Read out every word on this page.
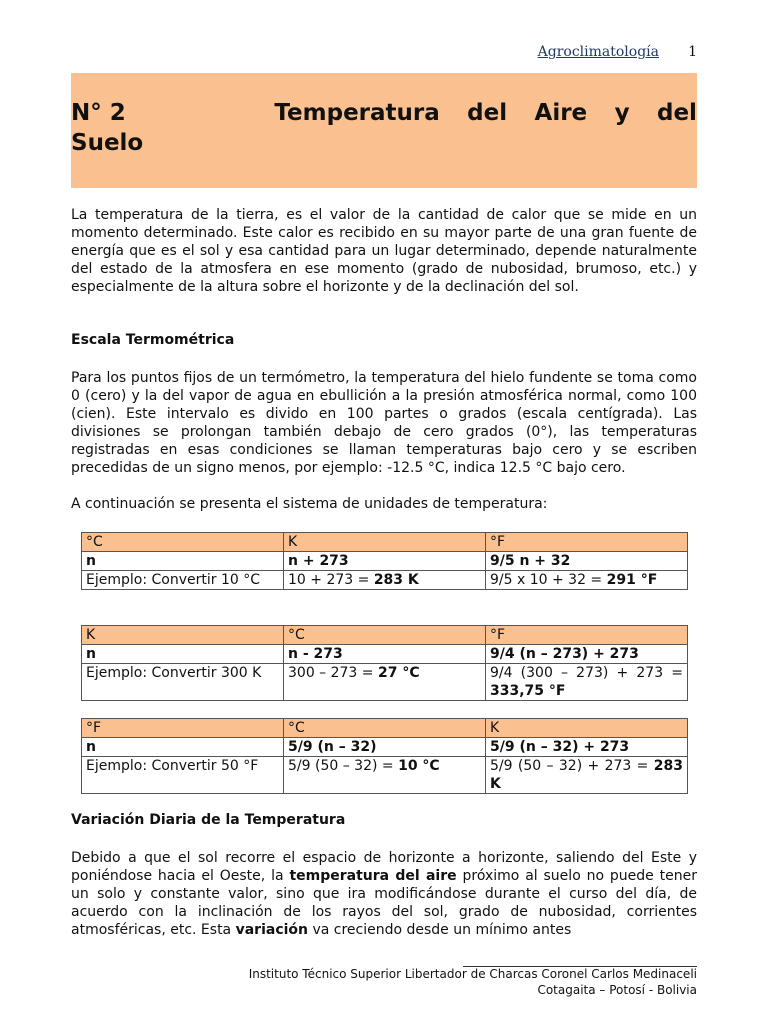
Agroclimatología 1
N° 2	Temperatura del Aire y del
Suelo

La temperatura de la tierra, es el valor de la cantidad de calor que se mide en un momento determinado. Este calor es recibido en su mayor parte de una gran fuente de energía que es el sol y esa cantidad para un lugar determinado, depende naturalmente del estado de la atmosfera en ese momento (grado de nubosidad, brumoso, etc.) y especialmente de la altura sobre el horizonte y de la declinación del sol.

Escala Termométrica

Para los puntos fijos de un termómetro, la temperatura del hielo fundente se toma como 0 (cero) y la del vapor de agua en ebullición a la presión atmosférica normal, como 100 (cien). Este intervalo es divido en 100 partes o grados (escala centígrada). Las divisiones se prolongan también debajo de cero grados (0°), las temperaturas registradas en esas condiciones se llaman temperaturas bajo cero y se escriben precedidas de un signo menos, por ejemplo: -12.5 °C, indica 12.5 °C bajo cero.

A continuación se presenta el sistema de unidades de temperatura:

°C	K	°F
n	n + 273	9/5 n + 32
Ejemplo: Convertir 10 °C	10 + 273 = 283 K	9/5 x 10 + 32 = 291 °F
K	°C	°F
n	n - 273	9/4 (n – 273) + 273
Ejemplo: Convertir 300 K	300 – 273 = 27 °C	9/4 (300 – 273) + 273 = 333,75 °F
°F	°C	K
n	5/9 (n – 32)	5/9 (n – 32) + 273
Ejemplo: Convertir 50 °F	5/9 (50 – 32) = 10 °C	5/9 (50 – 32) + 273 = 283 K

Variación Diaria de la Temperatura

Debido a que el sol recorre el espacio de horizonte a horizonte, saliendo del Este y poniéndose hacia el Oeste, la temperatura del aire próximo al suelo no puede tener un solo y constante valor, sino que ira modificándose durante el curso del día, de acuerdo con la inclinación de los rayos del sol, grado de nubosidad, corrientes atmosféricas, etc. Esta variación va creciendo desde un mínimo antes

Instituto Técnico Superior Libertador de Charcas Coronel Carlos Medinaceli
Cotagaita – Potosí - Bolivia
